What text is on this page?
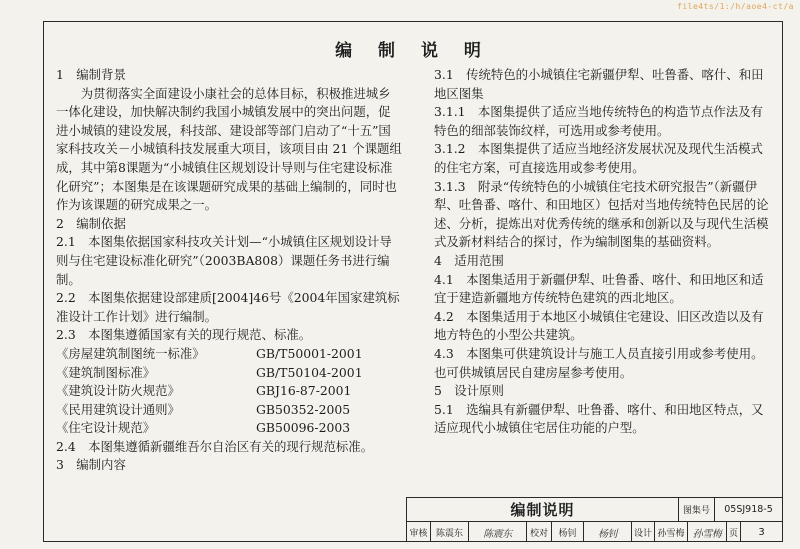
file4ts/1:/h/aoe4-ct/a
编 制 说 明

1　编制背景

　　为贯彻落实全面建设小康社会的总体目标，积极推进城乡一体化建设，加快解决制约我国小城镇发展中的突出问题，促进小城镇的建设发展，科技部、建设部等部门启动了“十五”国家科技攻关－小城镇科技发展重大项目，该项目由 21 个课题组成，其中第8课题为“小城镇住区规划设计导则与住宅建设标准化研究”；本图集是在该课题研究成果的基础上编制的，同时也作为该课题的研究成果之一。

2　编制依据

2.1　本图集依据国家科技攻关计划—“小城镇住区规划设计导则与住宅建设标准化研究”（2003BA808）课题任务书进行编制。

2.2　本图集依据建设部建质[2004]46号《2004年国家建筑标准设计工作计划》进行编制。

2.3　本图集遵循国家有关的现行规范、标准。

《房屋建筑制图统一标准》	GB/T50001-2001
《建筑制图标准》	GB/T50104-2001
《建筑设计防火规范》	GBJ16-87-2001
《民用建筑设计通则》	GB50352-2005
《住宅设计规范》	GB50096-2003

2.4　本图集遵循新疆维吾尔自治区有关的现行规范标准。

3　编制内容

3.1　传统特色的小城镇住宅新疆伊犁、吐鲁番、喀什、和田地区图集

3.1.1　本图集提供了适应当地传统特色的构造节点作法及有特色的细部装饰纹样，可选用或参考使用。

3.1.2　本图集提供了适应当地经济发展状况及现代生活模式的住宅方案，可直接选用或参考使用。

3.1.3　附录“传统特色的小城镇住宅技术研究报告”（新疆伊犁、吐鲁番、喀什、和田地区）包括对当地传统特色民居的论述、分析，提炼出对优秀传统的继承和创新以及与现代生活模式及新材料结合的探讨，作为编制图集的基础资料。

4　适用范围

4.1　本图集适用于新疆伊犁、吐鲁番、喀什、和田地区和适宜于建造新疆地方传统特色建筑的西北地区。

4.2　本图集适用于本地区小城镇住宅建设、旧区改造以及有地方特色的小型公共建筑。

4.3　本图集可供建筑设计与施工人员直接引用或参考使用。也可供城镇居民自建房屋参考使用。

5　设计原则

5.1　选编具有新疆伊犁、吐鲁番、喀什、和田地区特点，又适应现代小城镇住宅居住功能的户型。

编制说明	图集号	05SJ918-5
审核 陈震东	陈震东	校对	杨钊	杨钊 设计 孙雪梅 孙雪梅 页	3
